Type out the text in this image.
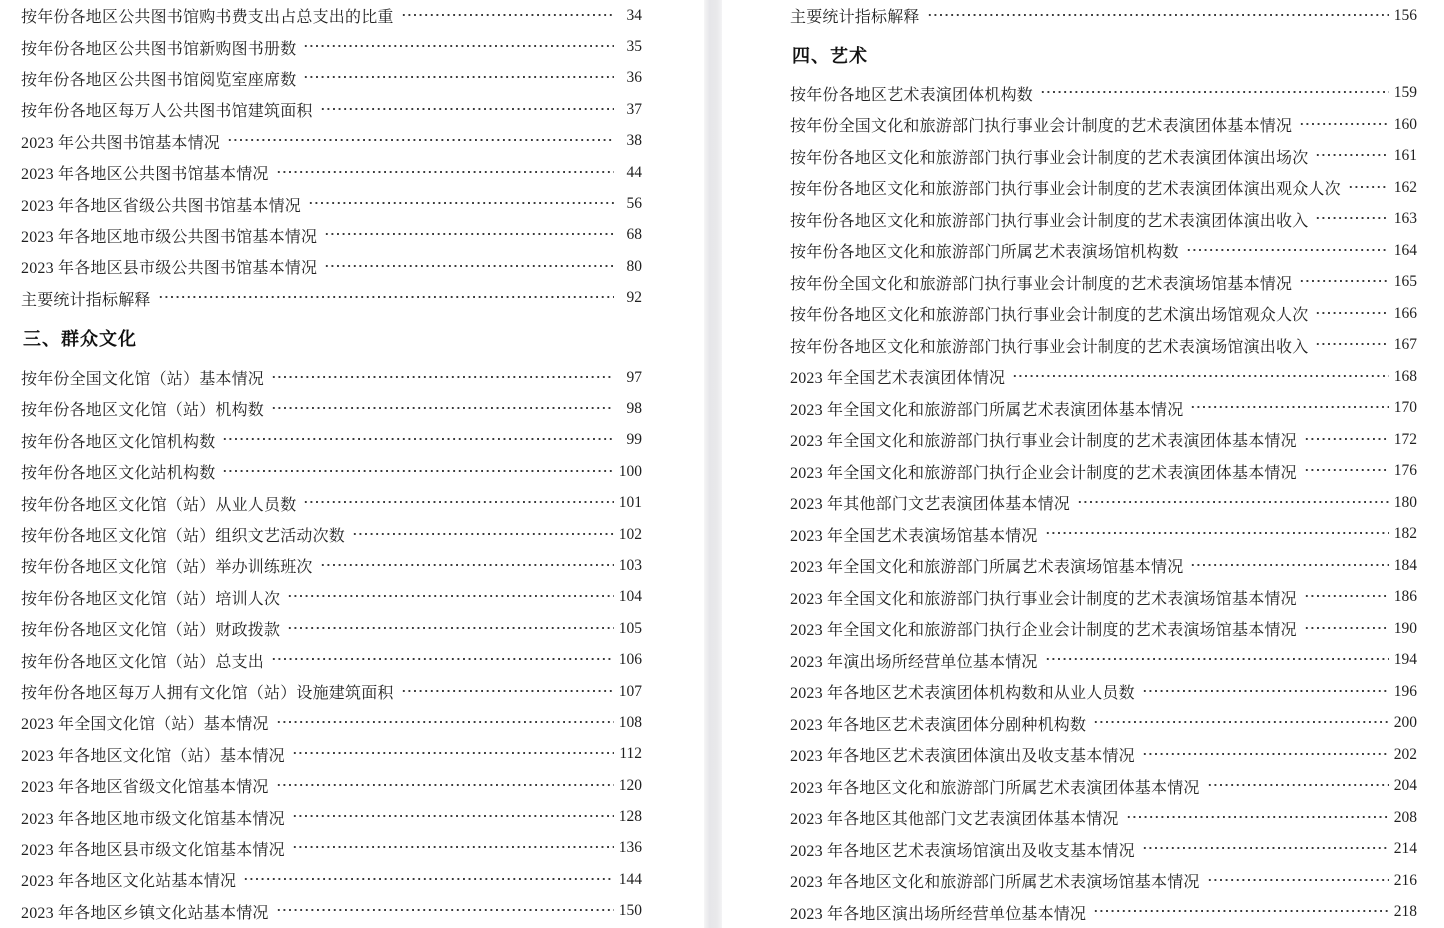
按年份各地区公共图书馆购书费支出占总支出的比重	34
按年份各地区公共图书馆新购图书册数	35
按年份各地区公共图书馆阅览室座席数	36
按年份各地区每万人公共图书馆建筑面积	37
2023 年公共图书馆基本情况	38
2023 年各地区公共图书馆基本情况	44
2023 年各地区省级公共图书馆基本情况	56
2023 年各地区地市级公共图书馆基本情况	68
2023 年各地区县市级公共图书馆基本情况	80
主要统计指标解释	92
三、群众文化
按年份全国文化馆（站）基本情况	97
按年份各地区文化馆（站）机构数	98
按年份各地区文化馆机构数	99
按年份各地区文化站机构数	100
按年份各地区文化馆（站）从业人员数	101
按年份各地区文化馆（站）组织文艺活动次数	102
按年份各地区文化馆（站）举办训练班次	103
按年份各地区文化馆（站）培训人次	104
按年份各地区文化馆（站）财政拨款	105
按年份各地区文化馆（站）总支出	106
按年份各地区每万人拥有文化馆（站）设施建筑面积	107
2023 年全国文化馆（站）基本情况	108
2023 年各地区文化馆（站）基本情况	112
2023 年各地区省级文化馆基本情况	120
2023 年各地区地市级文化馆基本情况	128
2023 年各地区县市级文化馆基本情况	136
2023 年各地区文化站基本情况	144
2023 年各地区乡镇文化站基本情况	150
主要统计指标解释	156
四、艺术
按年份各地区艺术表演团体机构数	159
按年份全国文化和旅游部门执行事业会计制度的艺术表演团体基本情况	160
按年份各地区文化和旅游部门执行事业会计制度的艺术表演团体演出场次	161
按年份各地区文化和旅游部门执行事业会计制度的艺术表演团体演出观众人次	162
按年份各地区文化和旅游部门执行事业会计制度的艺术表演团体演出收入	163
按年份各地区文化和旅游部门所属艺术表演场馆机构数	164
按年份全国文化和旅游部门执行事业会计制度的艺术表演场馆基本情况	165
按年份各地区文化和旅游部门执行事业会计制度的艺术演出场馆观众人次	166
按年份各地区文化和旅游部门执行事业会计制度的艺术表演场馆演出收入	167
2023 年全国艺术表演团体情况	168
2023 年全国文化和旅游部门所属艺术表演团体基本情况	170
2023 年全国文化和旅游部门执行事业会计制度的艺术表演团体基本情况	172
2023 年全国文化和旅游部门执行企业会计制度的艺术表演团体基本情况	176
2023 年其他部门文艺表演团体基本情况	180
2023 年全国艺术表演场馆基本情况	182
2023 年全国文化和旅游部门所属艺术表演场馆基本情况	184
2023 年全国文化和旅游部门执行事业会计制度的艺术表演场馆基本情况	186
2023 年全国文化和旅游部门执行企业会计制度的艺术表演场馆基本情况	190
2023 年演出场所经营单位基本情况	194
2023 年各地区艺术表演团体机构数和从业人员数	196
2023 年各地区艺术表演团体分剧种机构数	200
2023 年各地区艺术表演团体演出及收支基本情况	202
2023 年各地区文化和旅游部门所属艺术表演团体基本情况	204
2023 年各地区其他部门文艺表演团体基本情况	208
2023 年各地区艺术表演场馆演出及收支基本情况	214
2023 年各地区文化和旅游部门所属艺术表演场馆基本情况	216
2023 年各地区演出场所经营单位基本情况	218
